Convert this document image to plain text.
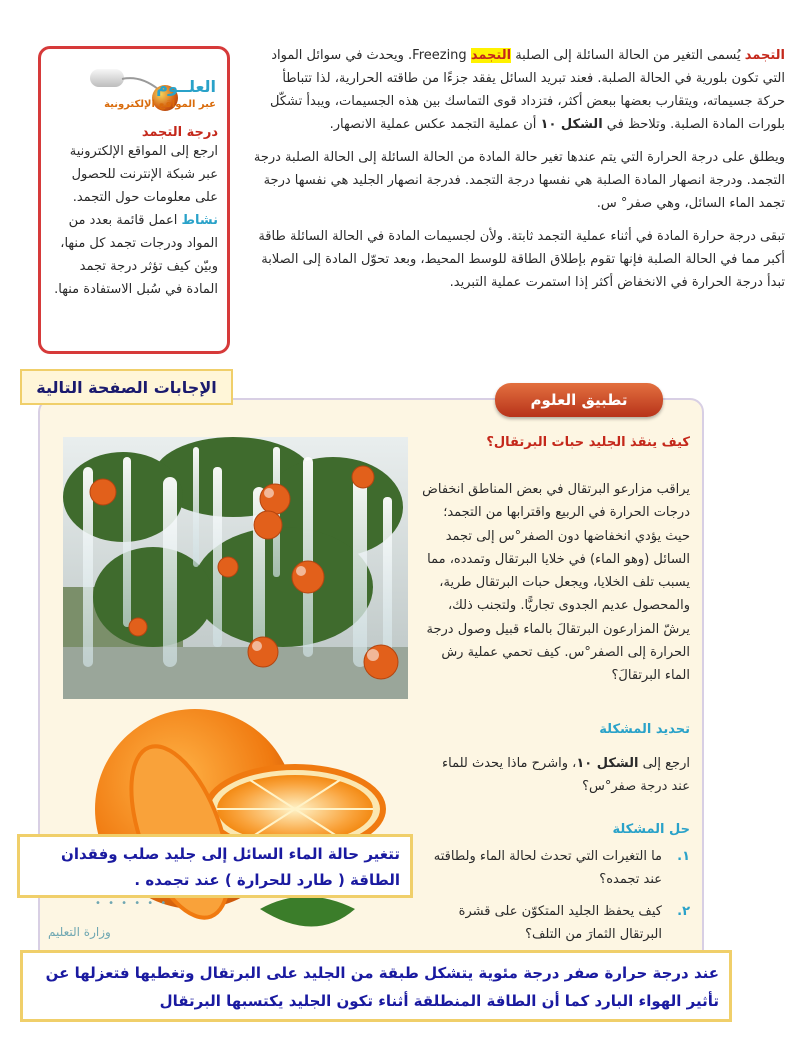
التجمد يُسمى التغير من الحالة السائلة إلى الصلبة التجمد Freezing. ويحدث في سوائل المواد التي تكون بلورية في الحالة الصلبة. فعند تبريد السائل يفقد جزءًا من طاقته الحرارية، لذا تتباطأ حركة جسيماته، ويتقارب بعضها ببعض أكثر، فتزداد قوى التماسك بين هذه الجسيمات، ويبدأ تشكّل بلورات المادة الصلبة. وتلاحظ في الشكل ١٠ أن عملية التجمد عكس عملية الانصهار.

ويطلق على درجة الحرارة التي يتم عندها تغير حالة المادة من الحالة السائلة إلى الحالة الصلبة درجة التجمد. ودرجة انصهار المادة الصلبة هي نفسها درجة التجمد. فدرجة انصهار الجليد هي نفسها درجة تجمد الماء السائل، وهي صفر° س.

تبقى درجة حرارة المادة في أثناء عملية التجمد ثابتة. ولأن لجسيمات المادة في الحالة السائلة طاقة أكبر مما في الحالة الصلبة فإنها تقوم بإطلاق الطاقة للوسط المحيط، وبعد تحوّل المادة إلى الصلابة تبدأ درجة الحرارة في الانخفاض أكثر إذا استمرت عملية التبريد.

العلــوم
عبر المواقع الإلكترونية
درجة التجمد
ارجع إلى المواقع الإلكترونية عبر شبكة الإنترنت للحصول على معلومات حول التجمد.
نشاط اعمل قائمة بعدد من المواد ودرجات تجمد كل منها، وبيّن كيف تؤثر درجة تجمد المادة في سُبل الاستفادة منها.
تطبيق العلوم
الإجابات الصفحة التالية
• • • • • •
وزارة التعليم
كيف ينقذ الجليد حبات البرتقال؟
يراقب مزارعو البرتقال في بعض المناطق انخفاض درجات الحرارة في الربيع واقترابها من التجمد؛ حيث يؤدي انخفاضها دون الصفر°س إلى تجمد السائل (وهو الماء) في خلايا البرتقال وتمدده، مما يسبب تلف الخلايا، ويجعل حبات البرتقال طرية، والمحصول عديم الجدوى تجاريًّا. ولتجنب ذلك، يرشّ المزارعون البرتقالَ بالماء قبيل وصول درجة الحرارة إلى الصفر°س. كيف تحمي عملية رش الماء البرتقالَ؟
تحديد المشكلة
ارجع إلى الشكل ١٠، واشرح ماذا يحدث للماء عند درجة صفر°س؟
حل المشكلة
١.
ما التغيرات التي تحدث لحالة الماء ولطاقته عند تجمده؟
٢.
كيف يحفظ الجليد المتكوّن على قشرة البرتقال الثمارَ من التلف؟
تتغير حالة الماء السائل إلى جليد صلب وفقدان الطاقة ( طارد للحرارة ) عند تجمده .
عند درجة حرارة صفر درجة مئوية يتشكل طبقة من الجليد على البرتقال وتغطيها فتعزلها عن تأثير الهواء البارد كما أن الطاقة المنطلقة أثناء تكون الجليد يكتسبها البرتقال
